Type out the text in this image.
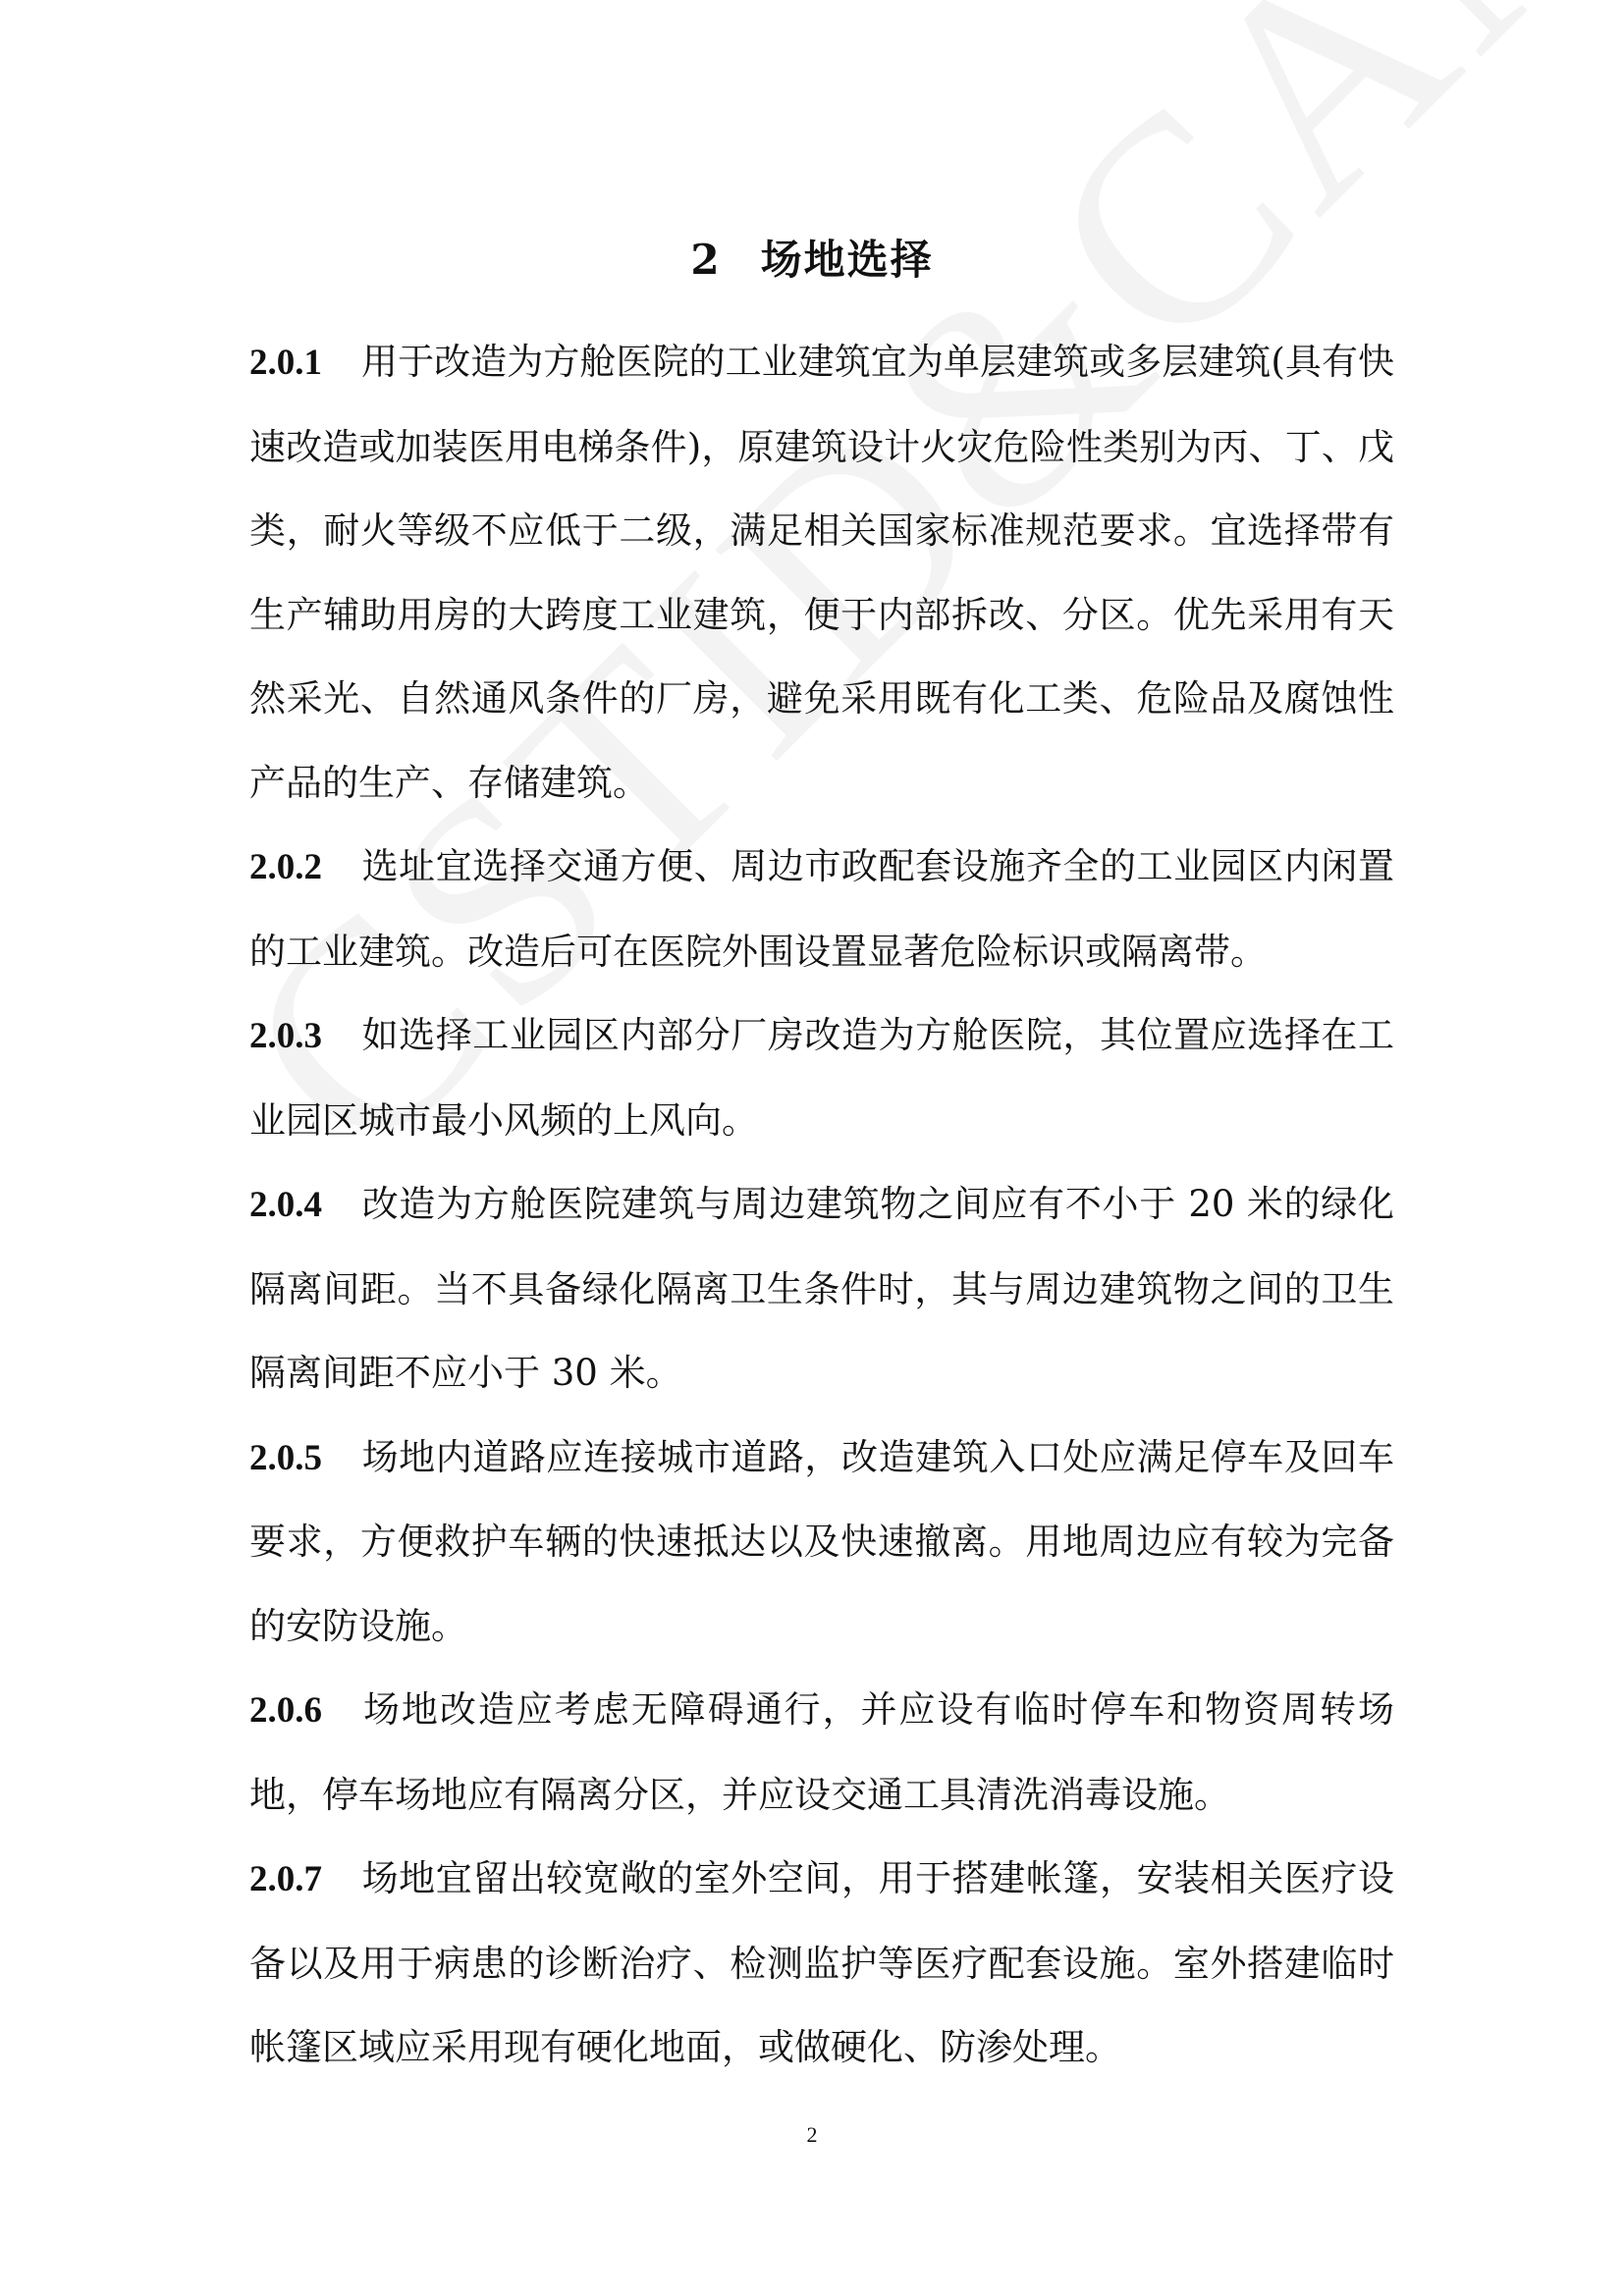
2 场地选择

2.0.1 用于改造为方舱医院的工业建筑宜为单层建筑或多层建筑(具有快速改造或加装医用电梯条件)，原建筑设计火灾危险性类别为丙、丁、戊类，耐火等级不应低于二级，满足相关国家标准规范要求。宜选择带有生产辅助用房的大跨度工业建筑，便于内部拆改、分区。优先采用有天然采光、自然通风条件的厂房，避免采用既有化工类、危险品及腐蚀性产品的生产、存储建筑。

2.0.2 选址宜选择交通方便、周边市政配套设施齐全的工业园区内闲置的工业建筑。改造后可在医院外围设置显著危险标识或隔离带。

2.0.3 如选择工业园区内部分厂房改造为方舱医院，其位置应选择在工业园区城市最小风频的上风向。

2.0.4 改造为方舱医院建筑与周边建筑物之间应有不小于 20 米的绿化隔离间距。当不具备绿化隔离卫生条件时，其与周边建筑物之间的卫生隔离间距不应小于 30 米。

2.0.5 场地内道路应连接城市道路，改造建筑入口处应满足停车及回车要求，方便救护车辆的快速抵达以及快速撤离。用地周边应有较为完备的安防设施。

2.0.6 场地改造应考虑无障碍通行，并应设有临时停车和物资周转场地，停车场地应有隔离分区，并应设交通工具清洗消毒设施。

2.0.7 场地宜留出较宽敞的室外空间，用于搭建帐篷，安装相关医疗设备以及用于病患的诊断治疗、检测监护等医疗配套设施。室外搭建临时帐篷区域应采用现有硬化地面，或做硬化、防渗处理。

2
